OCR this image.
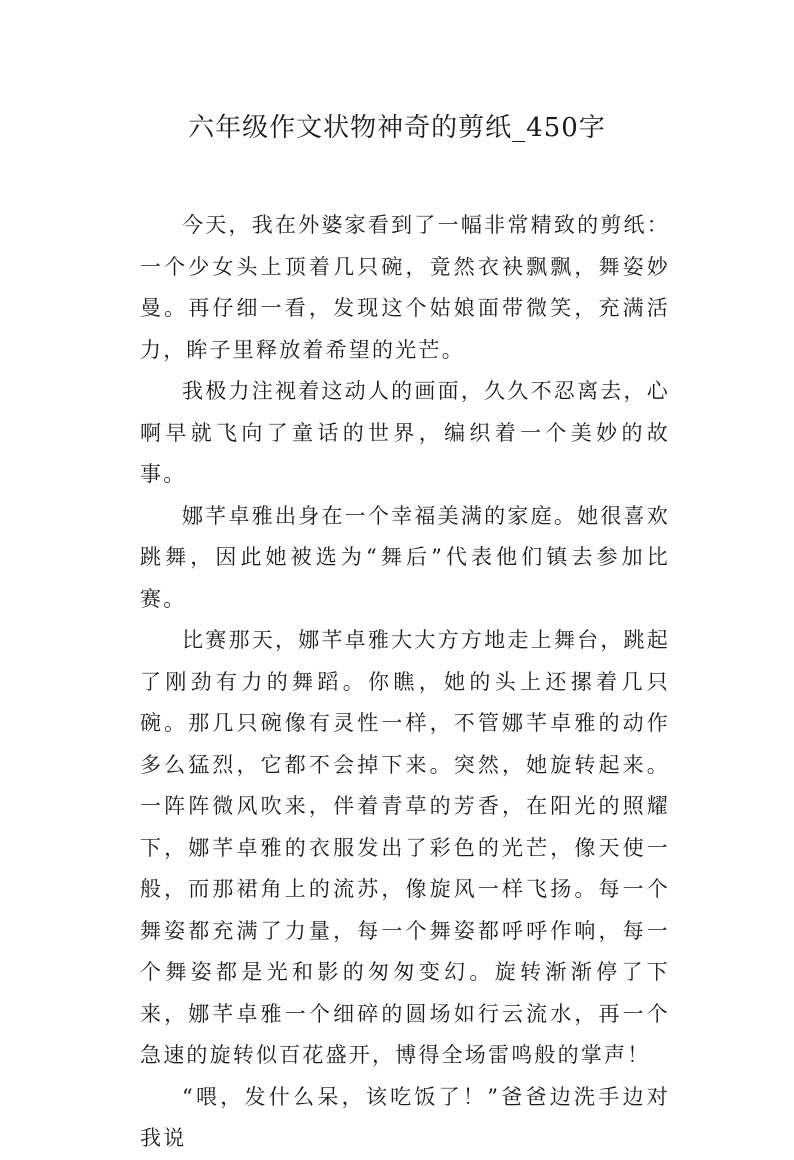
六年级作文状物神奇的剪纸_450字

今天，我在外婆家看到了一幅非常精致的剪纸：一个少女头上顶着几只碗，竟然衣袂飘飘，舞姿妙曼。再仔细一看，发现这个姑娘面带微笑，充满活力，眸子里释放着希望的光芒。

我极力注视着这动人的画面，久久不忍离去，心啊早就飞向了童话的世界，编织着一个美妙的故事。

娜芊卓雅出身在一个幸福美满的家庭。她很喜欢跳舞，因此她被选为“舞后”代表他们镇去参加比赛。

比赛那天，娜芊卓雅大大方方地走上舞台，跳起了刚劲有力的舞蹈。你瞧，她的头上还摞着几只碗。那几只碗像有灵性一样，不管娜芊卓雅的动作多么猛烈，它都不会掉下来。突然，她旋转起来。一阵阵微风吹来，伴着青草的芳香，在阳光的照耀下，娜芊卓雅的衣服发出了彩色的光芒，像天使一般，而那裙角上的流苏，像旋风一样飞扬。每一个舞姿都充满了力量，每一个舞姿都呼呼作响，每一个舞姿都是光和影的匆匆变幻。旋转渐渐停了下来，娜芊卓雅一个细碎的圆场如行云流水，再一个急速的旋转似百花盛开，博得全场雷鸣般的掌声！

“喂，发什么呆，该吃饭了！”爸爸边洗手边对我说
